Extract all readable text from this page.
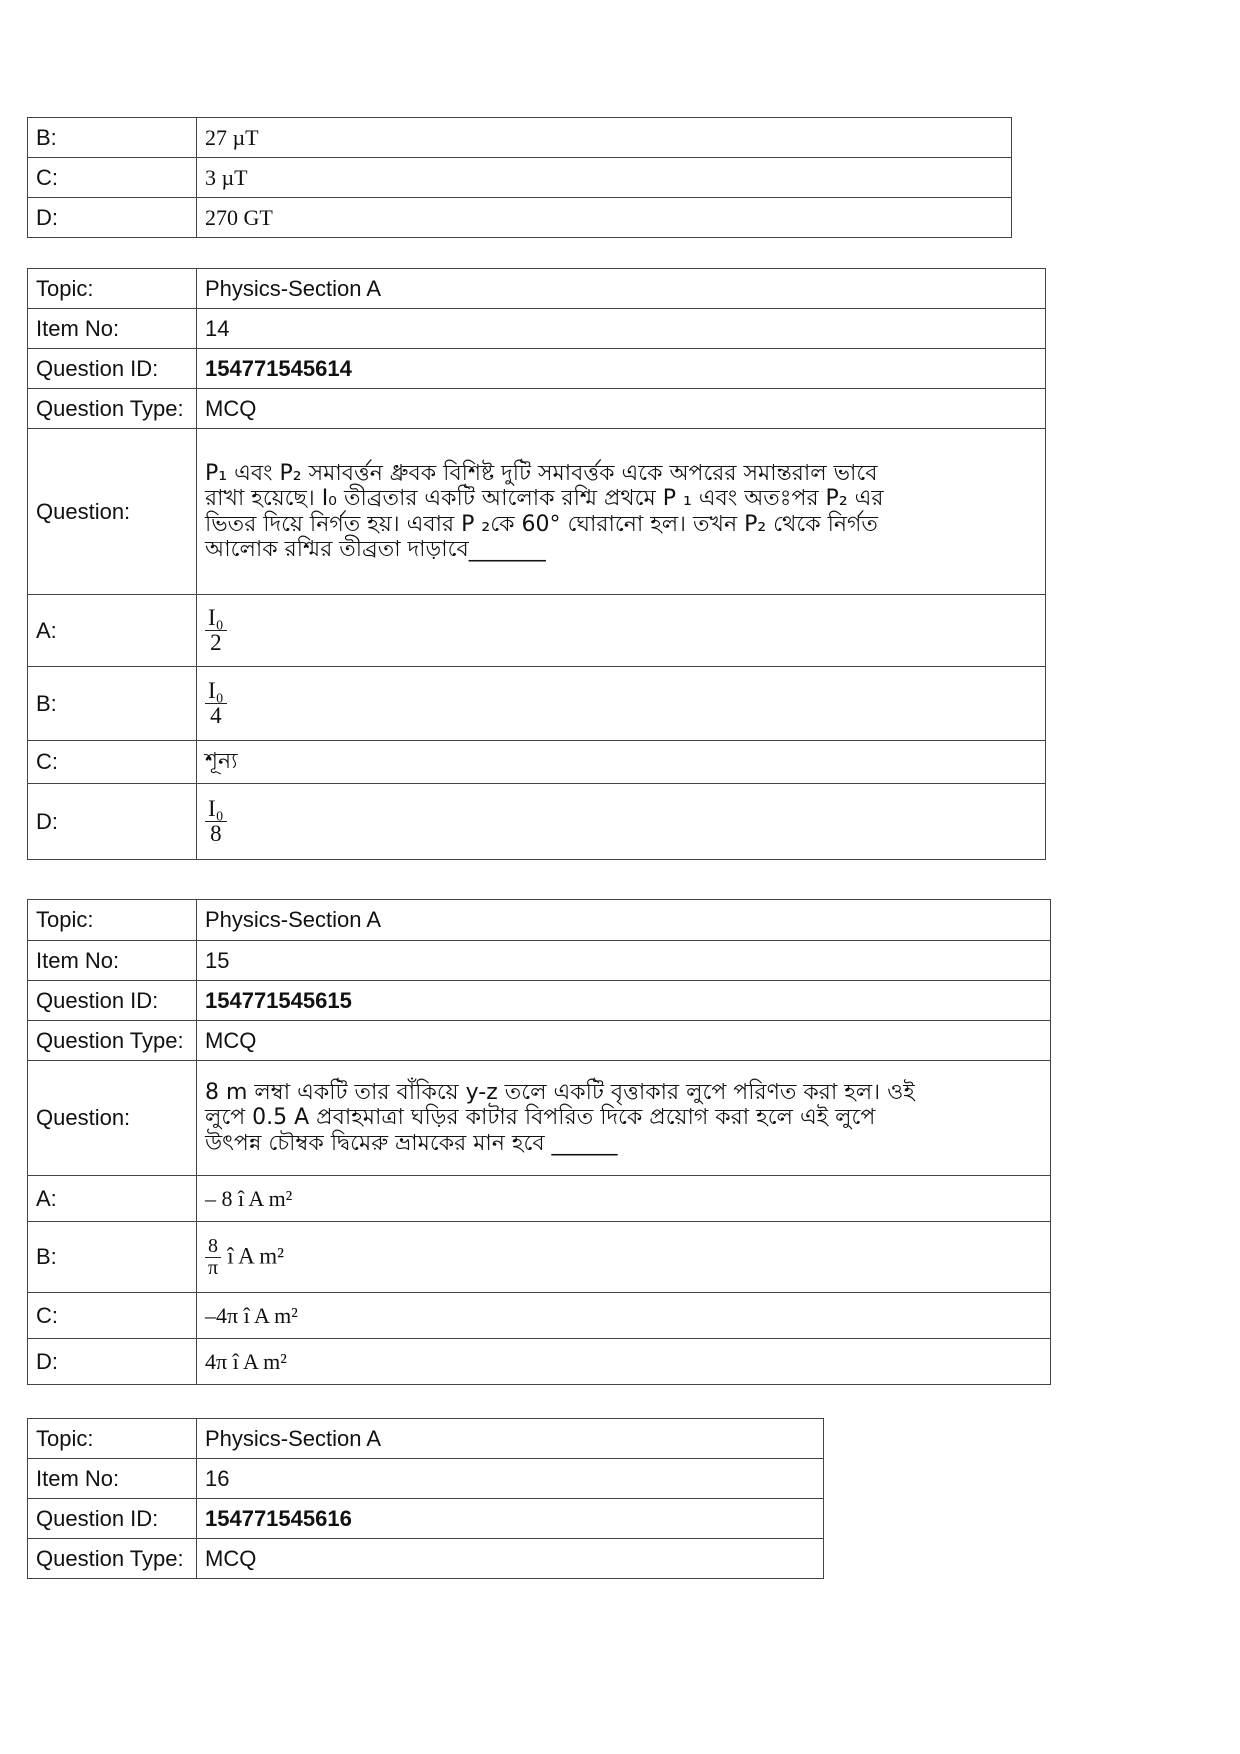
B:	27 µT
C:	3 µT
D:	270 GT
Topic:	Physics-Section A
Item No:	14
Question ID:	154771545614
Question Type:	MCQ
Question:	P₁ এবং P₂ সমাবর্ত্তন ধ্রুবক বিশিষ্ট দুটি সমাবর্ত্তক একে অপরের সমান্তরাল ভাবে
রাখা হয়েছে। I₀ তীব্রতার একটি আলোক রশ্মি প্রথমে P ₁ এবং অতঃপর P₂ এর
ভিতর দিয়ে নির্গত হয়। এবার P ₂কে 60° ঘোরানো হল। তখন P₂ থেকে নির্গত
আলোক রশ্মির তীব্রতা দাড়াবে_______

A:	$\frac{\text{I₀}}{2}$

B:	$\frac{\text{I₀}}{4}$

C:	শূন্য
D:	$\frac{\text{I₀}}{8}$
Topic:	Physics-Section A
Item No:	15
Question ID:	154771545615
Question Type:	MCQ
Question:	8 m লম্বা একটি তার বাঁকিয়ে y-z তলে একটি বৃত্তাকার লুপে পরিণত করা হল। ওই
লুপে 0.5 A প্রবাহমাত্রা ঘড়ির কাটার বিপরিত দিকে প্রয়োগ করা হলে এই লুপে
উৎপন্ন চৌম্বক দ্বিমেরু ভ্রামকের মান হবে ______

A:	– 8 î A m²
B:	$\frac{8}{\pi}$ î A m²
C:	–4π î A m²
D:	4π î A m²
Topic:	Physics-Section A
Item No:	16
Question ID:	154771545616
Question Type:	MCQ
